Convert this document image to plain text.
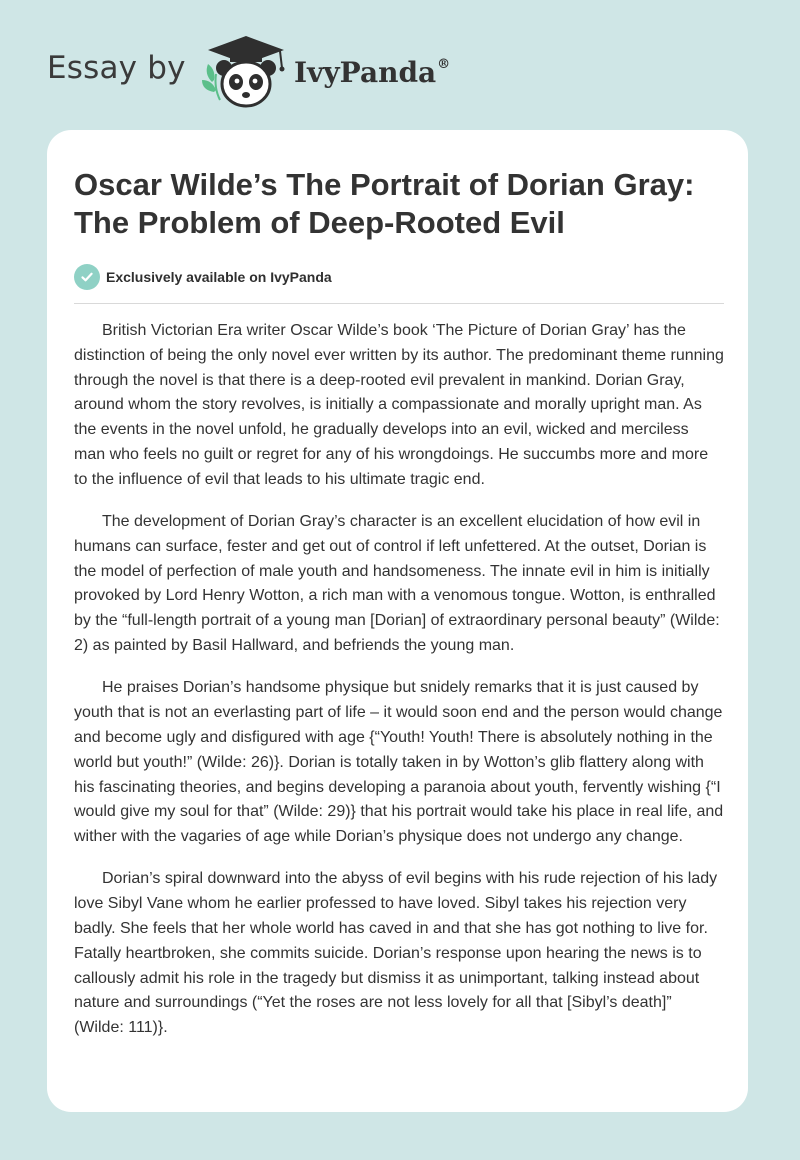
Essay by	IvyPanda®
Oscar Wilde’s The Portrait of Dorian Gray: The Problem of Deep-Rooted Evil
Exclusively available on IvyPanda

British Victorian Era writer Oscar Wilde’s book ‘The Picture of Dorian Gray’ has the distinction of being the only novel ever written by its author. The predominant theme running through the novel is that there is a deep-rooted evil prevalent in mankind. Dorian Gray, around whom the story revolves, is initially a compassionate and morally upright man. As the events in the novel unfold, he gradually develops into an evil, wicked and merciless man who feels no guilt or regret for any of his wrongdoings. He succumbs more and more to the influence of evil that leads to his ultimate tragic end.

The development of Dorian Gray’s character is an excellent elucidation of how evil in humans can surface, fester and get out of control if left unfettered. At the outset, Dorian is the model of perfection of male youth and handsomeness. The innate evil in him is initially provoked by Lord Henry Wotton, a rich man with a venomous tongue. Wotton, is enthralled by the “full-length portrait of a young man [Dorian] of extraordinary personal beauty” (Wilde: 2) as painted by Basil Hallward, and befriends the young man.

He praises Dorian’s handsome physique but snidely remarks that it is just caused by youth that is not an everlasting part of life – it would soon end and the person would change and become ugly and disfigured with age {“Youth! Youth! There is absolutely nothing in the world but youth!” (Wilde: 26)}. Dorian is totally taken in by Wotton’s glib flattery along with his fascinating theories, and begins developing a paranoia about youth, fervently wishing {“I would give my soul for that” (Wilde: 29)} that his portrait would take his place in real life, and wither with the vagaries of age while Dorian’s physique does not undergo any change.

Dorian’s spiral downward into the abyss of evil begins with his rude rejection of his lady love Sibyl Vane whom he earlier professed to have loved. Sibyl takes his rejection very badly. She feels that her whole world has caved in and that she has got nothing to live for. Fatally heartbroken, she commits suicide. Dorian’s response upon hearing the news is to callously admit his role in the tragedy but dismiss it as unimportant, talking instead about nature and surroundings (“Yet the roses are not less lovely for all that [Sibyl’s death]” (Wilde: 111)}.
